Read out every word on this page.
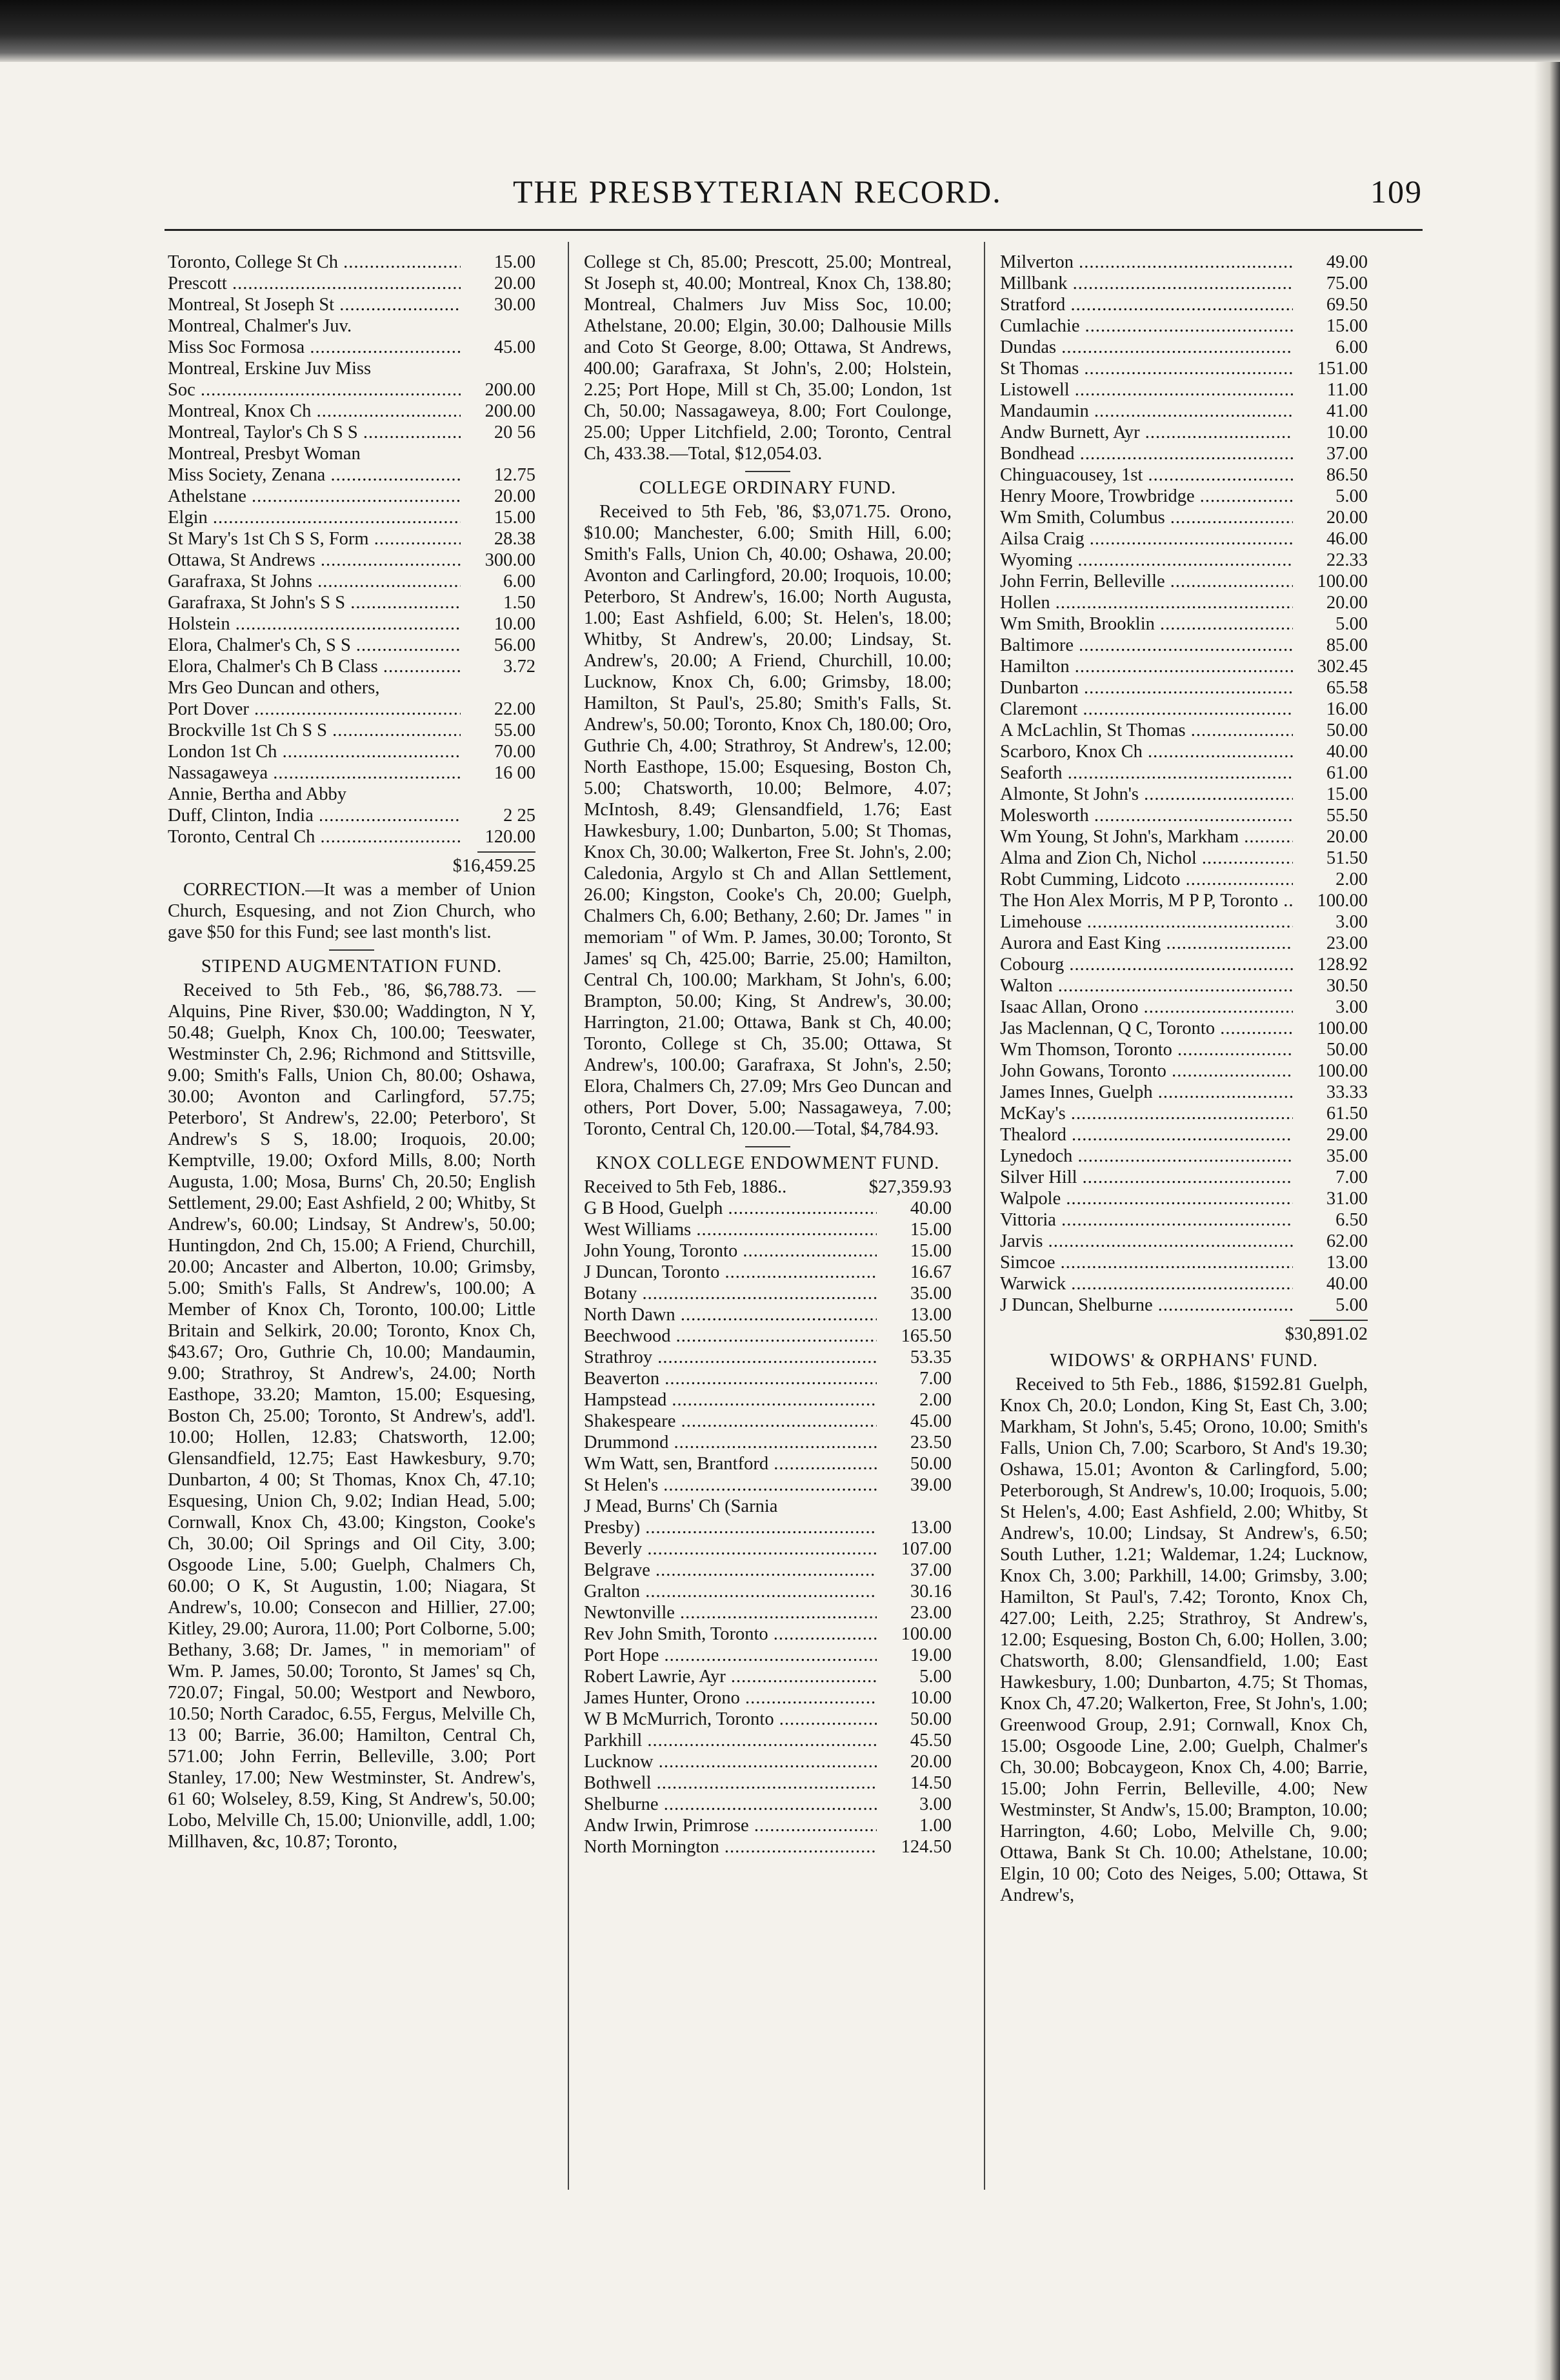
THE PRESBYTERIAN RECORD.	109
Toronto, College St Ch .....	15.00
Prescott .....	20.00
Montreal, St Joseph St .....	30.00
Montreal, Chalmer's Juv.
Miss Soc Formosa .....	45.00
Montreal, Erskine Juv Miss
Soc .....	200.00
Montreal, Knox Ch .....	200.00
Montreal, Taylor's Ch S S .....	20 56
Montreal, Presbyt Woman
Miss Society, Zenana .....	12.75
Athelstane .....	20.00
Elgin .....	15.00
St Mary's 1st Ch S S, Form .....	28.38
Ottawa, St Andrews .....	300.00
Garafraxa, St Johns .....	6.00
Garafraxa, St John's S S .....	1.50
Holstein .....	10.00
Elora, Chalmer's Ch, S S .....	56.00
Elora, Chalmer's Ch B Class .....	3.72
Mrs Geo Duncan and others,
Port Dover .....	22.00
Brockville 1st Ch S S .....	55.00
London 1st Ch .....	70.00
Nassagaweya .....	16 00
Annie, Bertha and Abby
Duff, Clinton, India .....	2 25
Toronto, Central Ch .....	120.00
$16,459.25

CORRECTION.—It was a member of Union Church, Esquesing, and not Zion Church, who gave $50 for this Fund; see last month's list.

STIPEND AUGMENTATION FUND.

Received to 5th Feb., '86, $6,788.73. —Alquins, Pine River, $30.00; Waddington, N Y, 50.48; Guelph, Knox Ch, 100.00; Teeswater, Westminster Ch, 2.96; Richmond and Stittsville, 9.00; Smith's Falls, Union Ch, 80.00; Oshawa, 30.00; Avonton and Carlingford, 57.75; Peterboro', St Andrew's, 22.00; Peterboro', St Andrew's S S, 18.00; Iroquois, 20.00; Kemptville, 19.00; Oxford Mills, 8.00; North Augusta, 1.00; Mosa, Burns' Ch, 20.50; English Settlement, 29.00; East Ashfield, 2 00; Whitby, St Andrew's, 60.00; Lindsay, St Andrew's, 50.00; Huntingdon, 2nd Ch, 15.00; A Friend, Churchill, 20.00; Ancaster and Alberton, 10.00; Grimsby, 5.00; Smith's Falls, St Andrew's, 100.00; A Member of Knox Ch, Toronto, 100.00; Little Britain and Selkirk, 20.00; Toronto, Knox Ch, $43.67; Oro, Guthrie Ch, 10.00; Mandaumin, 9.00; Strathroy, St Andrew's, 24.00; North Easthope, 33.20; Mamton, 15.00; Esquesing, Boston Ch, 25.00; Toronto, St Andrew's, add'l. 10.00; Hollen, 12.83; Chatsworth, 12.00; Glensandfield, 12.75; East Hawkesbury, 9.70; Dunbarton, 4 00; St Thomas, Knox Ch, 47.10; Esquesing, Union Ch, 9.02; Indian Head, 5.00; Cornwall, Knox Ch, 43.00; Kingston, Cooke's Ch, 30.00; Oil Springs and Oil City, 3.00; Osgoode Line, 5.00; Guelph, Chalmers Ch, 60.00; O K, St Augustin, 1.00; Niagara, St Andrew's, 10.00; Consecon and Hillier, 27.00; Kitley, 29.00; Aurora, 11.00; Port Colborne, 5.00; Bethany, 3.68; Dr. James, " in memoriam" of Wm. P. James, 50.00; Toronto, St James' sq Ch, 720.07; Fingal, 50.00; Westport and Newboro, 10.50; North Caradoc, 6.55, Fergus, Melville Ch, 13 00; Barrie, 36.00; Hamilton, Central Ch, 571.00; John Ferrin, Belleville, 3.00; Port Stanley, 17.00; New Westminster, St. Andrew's, 61 60; Wolseley, 8.59, King, St Andrew's, 50.00; Lobo, Melville Ch, 15.00; Unionville, addl, 1.00; Millhaven, &c, 10.87; Toronto,

College st Ch, 85.00; Prescott, 25.00; Montreal, St Joseph st, 40.00; Montreal, Knox Ch, 138.80; Montreal, Chalmers Juv Miss Soc, 10.00; Athelstane, 20.00; Elgin, 30.00; Dalhousie Mills and Coto St George, 8.00; Ottawa, St Andrews, 400.00; Garafraxa, St John's, 2.00; Holstein, 2.25; Port Hope, Mill st Ch, 35.00; London, 1st Ch, 50.00; Nassagaweya, 8.00; Fort Coulonge, 25.00; Upper Litchfield, 2.00; Toronto, Central Ch, 433.38.—Total, $12,054.03.

COLLEGE ORDINARY FUND.

Received to 5th Feb, '86, $3,071.75. Orono, $10.00; Manchester, 6.00; Smith Hill, 6.00; Smith's Falls, Union Ch, 40.00; Oshawa, 20.00; Avonton and Carlingford, 20.00; Iroquois, 10.00; Peterboro, St Andrew's, 16.00; North Augusta, 1.00; East Ashfield, 6.00; St. Helen's, 18.00; Whitby, St Andrew's, 20.00; Lindsay, St. Andrew's, 20.00; A Friend, Churchill, 10.00; Lucknow, Knox Ch, 6.00; Grimsby, 18.00; Hamilton, St Paul's, 25.80; Smith's Falls, St. Andrew's, 50.00; Toronto, Knox Ch, 180.00; Oro, Guthrie Ch, 4.00; Strathroy, St Andrew's, 12.00; North Easthope, 15.00; Esquesing, Boston Ch, 5.00; Chatsworth, 10.00; Belmore, 4.07; McIntosh, 8.49; Glensandfield, 1.76; East Hawkesbury, 1.00; Dunbarton, 5.00; St Thomas, Knox Ch, 30.00; Walkerton, Free St. John's, 2.00; Caledonia, Argylo st Ch and Allan Settlement, 26.00; Kingston, Cooke's Ch, 20.00; Guelph, Chalmers Ch, 6.00; Bethany, 2.60; Dr. James " in memoriam " of Wm. P. James, 30.00; Toronto, St James' sq Ch, 425.00; Barrie, 25.00; Hamilton, Central Ch, 100.00; Markham, St John's, 6.00; Brampton, 50.00; King, St Andrew's, 30.00; Harrington, 21.00; Ottawa, Bank st Ch, 40.00; Toronto, College st Ch, 35.00; Ottawa, St Andrew's, 100.00; Garafraxa, St John's, 2.50; Elora, Chalmers Ch, 27.09; Mrs Geo Duncan and others, Port Dover, 5.00; Nassagaweya, 7.00; Toronto, Central Ch, 120.00.—Total, $4,784.93.

KNOX COLLEGE ENDOWMENT FUND.
Received to 5th Feb, 1886..	$27,359.93
G B Hood, Guelph .....	40.00
West Williams .....	15.00
John Young, Toronto .....	15.00
J Duncan, Toronto .....	16.67
Botany .....	35.00
North Dawn .....	13.00
Beechwood .....	165.50
Strathroy .....	53.35
Beaverton .....	7.00
Hampstead .....	2.00
Shakespeare .....	45.00
Drummond .....	23.50
Wm Watt, sen, Brantford .....	50.00
St Helen's .....	39.00
J Mead, Burns' Ch (Sarnia
Presby) .....	13.00
Beverly .....	107.00
Belgrave .....	37.00
Gralton .....	30.16
Newtonville .....	23.00
Rev John Smith, Toronto .....	100.00
Port Hope .....	19.00
Robert Lawrie, Ayr .....	5.00
James Hunter, Orono .....	10.00
W B McMurrich, Toronto .....	50.00
Parkhill .....	45.50
Lucknow .....	20.00
Bothwell .....	14.50
Shelburne .....	3.00
Andw Irwin, Primrose .....	1.00
North Mornington .....	124.50
Milverton .....	49.00
Millbank .....	75.00
Stratford .....	69.50
Cumlachie .....	15.00
Dundas .....	6.00
St Thomas .....	151.00
Listowell .....	11.00
Mandaumin .....	41.00
Andw Burnett, Ayr .....	10.00
Bondhead .....	37.00
Chinguacousey, 1st .....	86.50
Henry Moore, Trowbridge .....	5.00
Wm Smith, Columbus .....	20.00
Ailsa Craig .....	46.00
Wyoming .....	22.33
John Ferrin, Belleville .....	100.00
Hollen .....	20.00
Wm Smith, Brooklin .....	5.00
Baltimore .....	85.00
Hamilton .....	302.45
Dunbarton .....	65.58
Claremont .....	16.00
A McLachlin, St Thomas .....	50.00
Scarboro, Knox Ch .....	40.00
Seaforth .....	61.00
Almonte, St John's .....	15.00
Molesworth .....	55.50
Wm Young, St John's, Markham .....	20.00
Alma and Zion Ch, Nichol .....	51.50
Robt Cumming, Lidcoto .....	2.00
The Hon Alex Morris, M P P, Toronto .....	100.00
Limehouse .....	3.00
Aurora and East King .....	23.00
Cobourg .....	128.92
Walton .....	30.50
Isaac Allan, Orono .....	3.00
Jas Maclennan, Q C, Toronto .....	100.00
Wm Thomson, Toronto .....	50.00
John Gowans, Toronto .....	100.00
James Innes, Guelph .....	33.33
McKay's .....	61.50
Thealord .....	29.00
Lynedoch .....	35.00
Silver Hill .....	7.00
Walpole .....	31.00
Vittoria .....	6.50
Jarvis .....	62.00
Simcoe .....	13.00
Warwick .....	40.00
J Duncan, Shelburne .....	5.00
$30,891.02
WIDOWS' & ORPHANS' FUND.

Received to 5th Feb., 1886, $1592.81 Guelph, Knox Ch, 20.0; London, King St, East Ch, 3.00; Markham, St John's, 5.45; Orono, 10.00; Smith's Falls, Union Ch, 7.00; Scarboro, St And's 19.30; Oshawa, 15.01; Avonton & Carlingford, 5.00; Peterborough, St Andrew's, 10.00; Iroquois, 5.00; St Helen's, 4.00; East Ashfield, 2.00; Whitby, St Andrew's, 10.00; Lindsay, St Andrew's, 6.50; South Luther, 1.21; Waldemar, 1.24; Lucknow, Knox Ch, 3.00; Parkhill, 14.00; Grimsby, 3.00; Hamilton, St Paul's, 7.42; Toronto, Knox Ch, 427.00; Leith, 2.25; Strathroy, St Andrew's, 12.00; Esquesing, Boston Ch, 6.00; Hollen, 3.00; Chatsworth, 8.00; Glensandfield, 1.00; East Hawkesbury, 1.00; Dunbarton, 4.75; St Thomas, Knox Ch, 47.20; Walkerton, Free, St John's, 1.00; Greenwood Group, 2.91; Cornwall, Knox Ch, 15.00; Osgoode Line, 2.00; Guelph, Chalmer's Ch, 30.00; Bobcaygeon, Knox Ch, 4.00; Barrie, 15.00; John Ferrin, Belleville, 4.00; New Westminster, St Andw's, 15.00; Brampton, 10.00; Harrington, 4.60; Lobo, Melville Ch, 9.00; Ottawa, Bank St Ch. 10.00; Athelstane, 10.00; Elgin, 10 00; Coto des Neiges, 5.00; Ottawa, St Andrew's,
